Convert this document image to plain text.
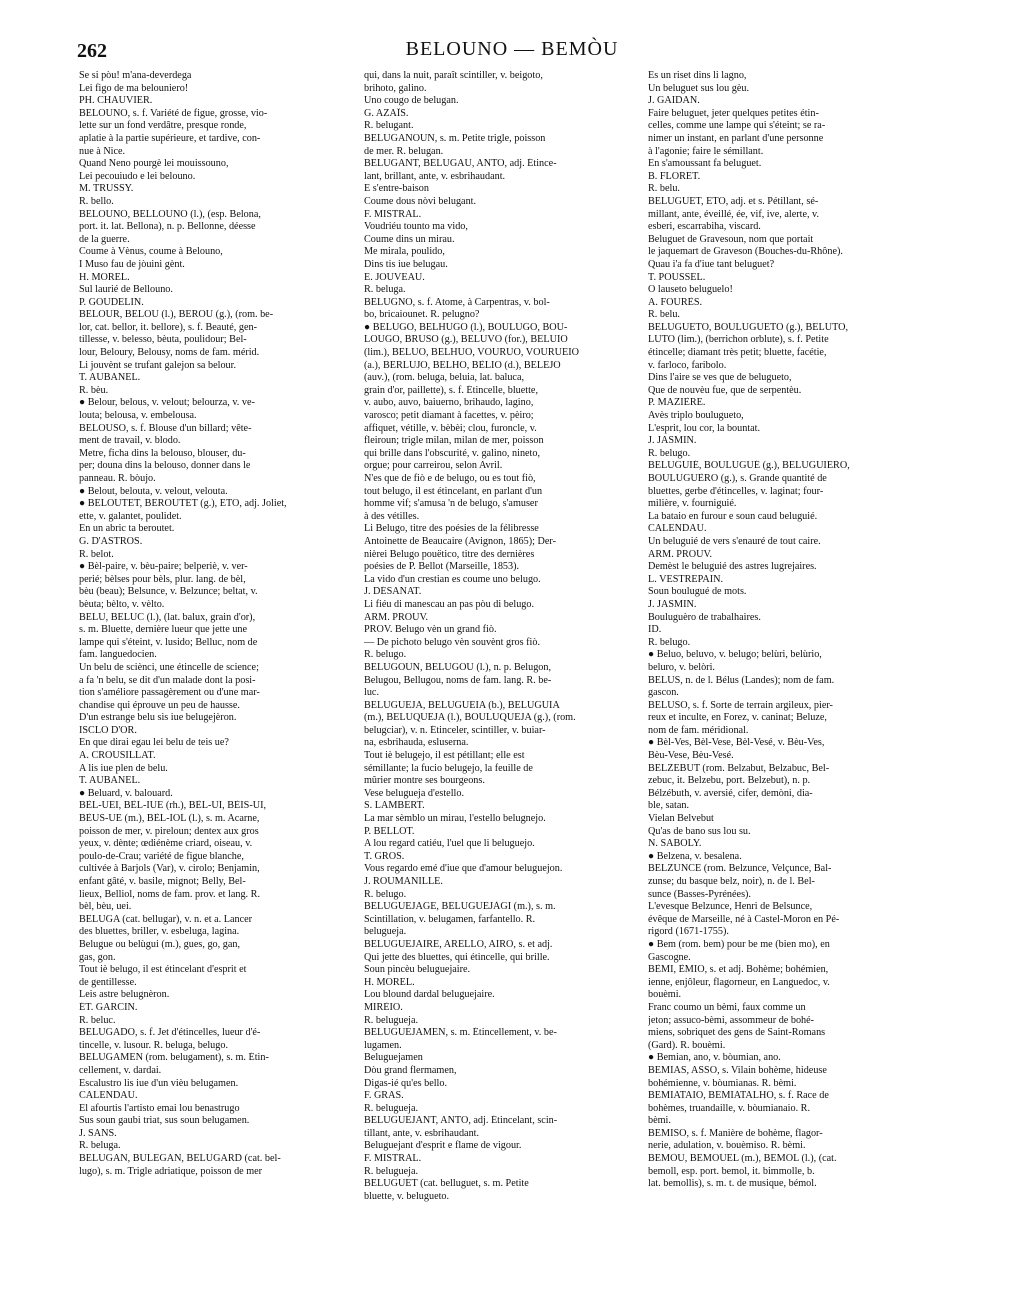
262	BELOUNO — BEMÒU
Se si pòu! m'ana-deverdega
Lei fìgo de ma belouniero!
PH. CHAUVIER.
BELOUNO, s. f. Variété de figue, grosse, vio-
lette sur un fond verdâtre, presque ronde,
aplatie à la partie supérieure, et tardive, con-
nue à Nice.
Quand Neno pourgè lei mouissouno,
Lei pecouiudo e lei belouno.
M. TRUSSY.
R. bello.
BELOUNO, BELLOUNO (l.), (esp. Belona,
port. it. lat. Bellona), n. p. Bellonne, déesse
de la guerre.
Coume à Vènus, coume à Belouno,
I Muso fau de jòuini gènt.
H. MOREL.
Sul laurié de Bellouno.
P. GOUDELIN.
BELOUR, BELOU (l.), BEROU (g.), (rom. be-
lor, cat. bellor, it. bellore), s. f. Beauté, gen-
tillesse, v. belesso, bèuta, poulidour; Bel-
lour, Beloury, Belousy, noms de fam. mérid.
Li jouvènt se trufant galejon sa belour.
T. AUBANEL.
R. bèu.
● Belour, belous, v. velout; belourza, v. ve-
louta; belousa, v. embelousa.
BELOUSO, s. f. Blouse d'un billard; vête-
ment de travail, v. blodo.
Metre, ficha dins la belouso, blouser, du-
per; douna dins la belouso, donner dans le
panneau. R. bòujo.
● Belout, belouta, v. velout, velouta.
● BELOUTET, BEROUTET (g.), ETO, adj. Joliet,
ette, v. galantet, poulidet.
En un abric ta beroutet.
G. D'ASTROS.
R. belot.
● Bèl-paire, v. bèu-paire; belperiè, v. ver-
perié; bèlses pour bèls, plur. lang. de bèl,
bèu (beau); Belsunce, v. Belzunce; beltat, v.
bèuta; bèlto, v. vèlto.
BELU, BELUC (l.), (lat. balux, grain d'or),
s. m. Bluette, dernière lueur que jette une
lampe qui s'éteint, v. lusido; Belluc, nom de
fam. languedocien.
Un belu de sciènci, une étincelle de science;
a fa 'n belu, se dit d'un malade dont la posi-
tion s'améliore passagèrement ou d'une mar-
chandise qui éprouve un peu de hausse.
D'un estrange belu sis iue belugejèron.
ISCLO D'OR.
En que dirai egau lei belu de teis ue?
A. CROUSILLAT.
A lis iue plen de belu.
T. AUBANEL.
● Beluard, v. balouard.
BÈL-UEI, BÈL-IUE (rh.), BÈL-UI, BÈIS-UI,
BÈUS-UE (m.), BÈL-IOL (l.), s. m. Acarne,
poisson de mer, v. pireloun; dentex aux gros
yeux, v. dènte; œdiénème criard, oiseau, v.
poulo-de-Crau; variété de figue blanche,
cultivée à Barjols (Var), v. cirolo; Benjamin,
enfant gâté, v. basile, mignot; Belly, Bel-
lieux, Belliol, noms de fam. prov. et lang. R.
bèl, bèu, uei.
BELUGA (cat. bellugar), v. n. et a. Lancer
des bluettes, briller, v. esbeluga, lagina.
Belugue ou belùgui (m.), gues, go, gan,
gas, gon.
Tout iè belugo, il est étincelant d'esprit et
de gentillesse.
Leis astre belugnèron.
ÉT. GARCIN.
R. beluc.
BELUGADO, s. f. Jet d'étincelles, lueur d'é-
tincelle, v. lusour. R. beluga, belugo.
BELUGAMEN (rom. belugament), s. m. Étin-
cellement, v. dardai.
Escalustro lis iue d'un vièu belugamen.
CALENDAU.
El afourtis l'artisto emai lou benastrugo
Sus soun gaubi triat, sus soun belugamen.
J. SANS.
R. beluga.
BELUGAN, BULEGAN, BELUGARD (cat. bel-
lugo), s. m. Trigle adriatique, poisson de mer
qui, dans la nuit, paraît scintiller, v. beigoto,
brihoto, galino.
Uno cougo de belugan.
G. AZAÏS.
R. belugant.
BELUGANOUN, s. m. Petite trigle, poisson
de mer. R. belugan.
BELUGANT, BELUGAU, ANTO, adj. Étince-
lant, brillant, ante, v. esbrihaudant.
E s'entre-baison
Coume dous nòvi belugant.
F. MISTRAL.
Voudriéu tounto ma vido,
Coume dins un mirau.
Me mirala, poulido,
Dins tis iue belugau.
E. JOUVEAU.
R. beluga.
BELUGNO, s. f. Atome, à Carpentras, v. bol-
bo, bricaiounet. R. pelugno?
● BELUGO, BELHUGO (l.), BOULUGO, BOU-
LOUGO, BRUSO (g.), BELUVO (for.), BELUIO
(lim.), BELUO, BELHUO, VOURUO, VOURUEIO
(a.), BERLUJO, BELHO, BÈLIO (d.), BELEJO
(auv.), (rom. beluga, beluia, lat. baluca,
grain d'or, paillette), s. f. Étincelle, bluette,
v. aubo, auvo, baiuerno, brihaudo, lagino,
varosco; petit diamant à facettes, v. pèiro;
affiquet, vétille, v. bèbèi; clou, furoncle, v.
fleiroun; trigle milan, milan de mer, poisson
qui brille dans l'obscurité, v. galino, nineto,
orgue; pour carreirou, selon Avril.
N'es que de fiò e de belugo, ou es tout fiò,
tout belugo, il est étincelant, en parlant d'un
homme vif; s'amusa 'n de belugo, s'amuser
à des vétilles.
Li Belugo, titre des poésies de la félibresse
Antoinette de Beaucaire (Avignon, 1865); Der-
nièrei Belugo pouëtico, titre des dernières
poésies de P. Bellot (Marseille, 1853).
La vido d'un crestian es coume uno belugo.
J. DÉSANAT.
Li fiéu di manescau an pas pòu di belugo.
ARM. PROUV.
PROV. Belugo vèn un grand fiò.
— De pichoto belugo vèn souvènt gros fiò.
R. belugo.
BELUGOUN, BELUGOU (l.), n. p. Belugon,
Belugou, Bellugou, noms de fam. lang. R. be-
luc.
BELUGUEJA, BELUGUEIA (b.), BELUGUIA
(m.), BELUQUEJA (l.), BOULUQUEJA (g.), (rom.
belugciar), v. n. Étinceler, scintiller, v. buiar-
na, esbrihauda, esluserna.
Tout iè belugejo, il est pétillant; elle est
sémillante; la fucio belugejo, la feuille de
mûrier montre ses bourgeons.
Vese belugueja d'estello.
S. LAMBERT.
La mar sèmblo un mirau, l'estello belugnejo.
P. BELLOT.
A lou regard catiéu, l'uel que li beluguejo.
T. GROS.
Vous regardo emé d'iue que d'amour beluguejon.
J. ROUMANILLE.
R. belugo.
BELUGUEJAGE, BELUGUEJÀGI (m.), s. m.
Scintillation, v. belugamen, farfantello. R.
belugueja.
BELUGUEJAIRE, ARELLO, AIRO, s. et adj.
Qui jette des bluettes, qui étincelle, qui brille.
Soun pincèu beluguejaire.
H. MOREL.
Lou blound dardal beluguejaire.
MIRÈIO.
R. belugueja.
BELUGUEJAMEN, s. m. Étincellement, v. be-
lugamen.
Beluguejamen
Dòu grand flermamen,
Digas-ié qu'es bello.
F. GRAS.
R. belugueja.
BELUGUEJANT, ANTO, adj. Étincelant, scin-
tillant, ante, v. esbrihaudant.
Beluguejant d'esprit e flame de vigour.
F. MISTRAL.
R. belugueja.
BELUGUET (cat. belluguet, s. m. Petite
bluette, v. belugueto.
Es un riset dins li lagno,
Un beluguet sus lou gèu.
J. GAIDAN.
Faire beluguet, jeter quelques petites étin-
celles, comme une lampe qui s'éteint; se ra-
nimer un instant, en parlant d'une personne
à l'agonie; faire le sémillant.
En s'amoussant fa beluguet.
B. FLORET.
R. belu.
BELUGUET, ETO, adj. et s. Pétillant, sé-
millant, ante, éveillé, ée, vif, ive, alerte, v.
esberi, escarrabiha, viscard.
Beluguet de Gravesoun, nom que portait
le jaquemart de Graveson (Bouches-du-Rhône).
Quau i'a fa d'iue tant beluguet?
T. POUSSEL.
O lauseto beluguelo!
A. FOURÈS.
R. belu.
BELUGUETO, BOULUGUETO (g.), BELUTO,
LUTO (lim.), (berrichon orblute), s. f. Petite
étincelle; diamant très petit; bluette, facétie,
v. farloco, faribolo.
Dins l'aire se ves que de belugueto,
Que de nouvèu fue, que de serpentèu.
P. MAZIÈRE.
Avès triplo boulugueto,
L'esprit, lou cor, la bountat.
J. JASMIN.
R. belugo.
BELUGUIÉ, BOULUGUÉ (g.), BELUGUIERO,
BOULUGUÈRO (g.), s. Grande quantité de
bluettes, gerbe d'étincelles, v. laginat; four-
milière, v. fourniguié.
La bataio en furour e soun caud beluguié.
CALENDAU.
Un beluguié de vers s'enauré de tout caire.
ARM. PROUV.
Demèst le beluguié des astres lugrejaires.
L. VESTREPAIN.
Soun boulugué de mots.
J. JASMIN.
Bouluguèro de trabalhaires.
ID.
R. belugo.
● Beluo, beluvo, v. belugo; belùri, belùrio,
beluro, v. belòri.
BELUS, n. de l. Bélus (Landes); nom de fam.
gascon.
BELUSO, s. f. Sorte de terrain argileux, pier-
reux et inculte, en Forez, v. caninat; Beluze,
nom de fam. méridional.
● Bèl-Ves, Bèl-Vese, Bèl-Vesé, v. Bèu-Ves,
Bèu-Vese, Bèu-Vesé.
BELZEBUT (rom. Belzabut, Belzabuc, Bel-
zebuc, it. Belzebu, port. Belzebut), n. p.
Bélzébuth, v. aversié, cifer, demòni, dia-
ble, satan.
Vielan Belvebut
Qu'as de bano sus lou su.
N. SABOLY.
● Belzena, v. besalena.
BELZUNCE (rom. Belzunce, Velçunce, Bal-
zunse; du basque belz, noir), n. de l. Bel-
sunce (Basses-Pyrénées).
L'evesque Belzunce, Henri de Belsunce,
évêque de Marseille, né à Castel-Moron en Pé-
rigord (1671-1755).
● Bem (rom. bem) pour be me (bien mo), en
Gascogne.
BÈMI, ÈMIO, s. et adj. Bohème; bohémien,
ienne, enjôleur, flagorneur, en Languedoc, v.
bouèmi.
Franc coumo un bèmi, faux comme un
jeton; assuco-bèmi, assommeur de bohé-
miens, sobriquet des gens de Saint-Romans
(Gard). R. bouèmi.
● Bemian, ano, v. bòumian, ano.
BEMIAS, ASSO, s. Vilain bohème, hideuse
bohémienne, v. bòumianas. R. bèmi.
BEMIATAIO, BEMIATALHO, s. f. Race de
bohèmes, truandaille, v. bòumianaio. R.
bèmi.
BEMISO, s. f. Manière de bohème, flagor-
nerie, adulation, v. bouèmiso. R. bèmi.
BEMÒU, BEMOUEL (m.), BEMOL (l.), (cat.
bemoll, esp. port. bemol, it. bimmolle, b.
lat. bemollis), s. m. t. de musique, bémol.
